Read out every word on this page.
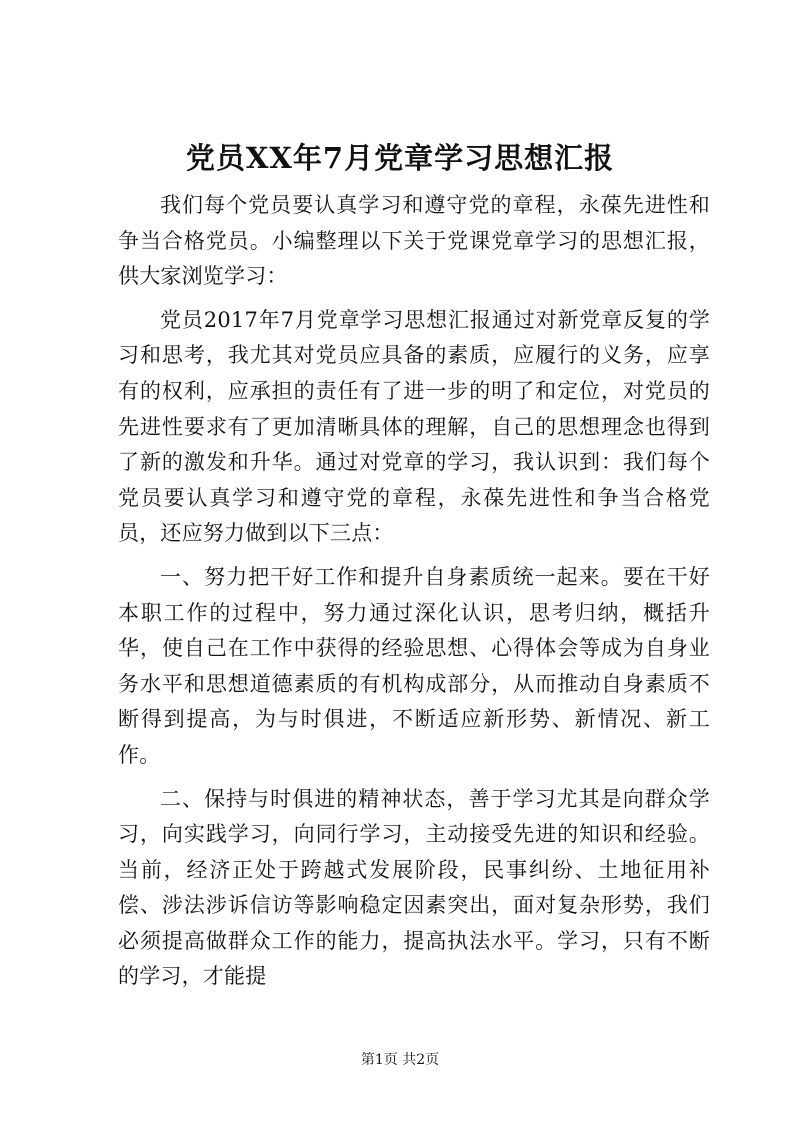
党员XX年7月党章学习思想汇报

我们每个党员要认真学习和遵守党的章程，永葆先进性和争当合格党员。小编整理以下关于党课党章学习的思想汇报，供大家浏览学习：

党员2017年7月党章学习思想汇报通过对新党章反复的学习和思考，我尤其对党员应具备的素质，应履行的义务，应享有的权利，应承担的责任有了进一步的明了和定位，对党员的先进性要求有了更加清晰具体的理解，自己的思想理念也得到了新的激发和升华。通过对党章的学习，我认识到：我们每个党员要认真学习和遵守党的章程，永葆先进性和争当合格党员，还应努力做到以下三点：

一、努力把干好工作和提升自身素质统一起来。要在干好本职工作的过程中，努力通过深化认识，思考归纳，概括升华，使自己在工作中获得的经验思想、心得体会等成为自身业务水平和思想道德素质的有机构成部分，从而推动自身素质不断得到提高，为与时俱进，不断适应新形势、新情况、新工作。

二、保持与时俱进的精神状态，善于学习尤其是向群众学习，向实践学习，向同行学习，主动接受先进的知识和经验。当前，经济正处于跨越式发展阶段，民事纠纷、土地征用补偿、涉法涉诉信访等影响稳定因素突出，面对复杂形势，我们必须提高做群众工作的能力，提高执法水平。学习，只有不断的学习，才能提

第1页 共2页
